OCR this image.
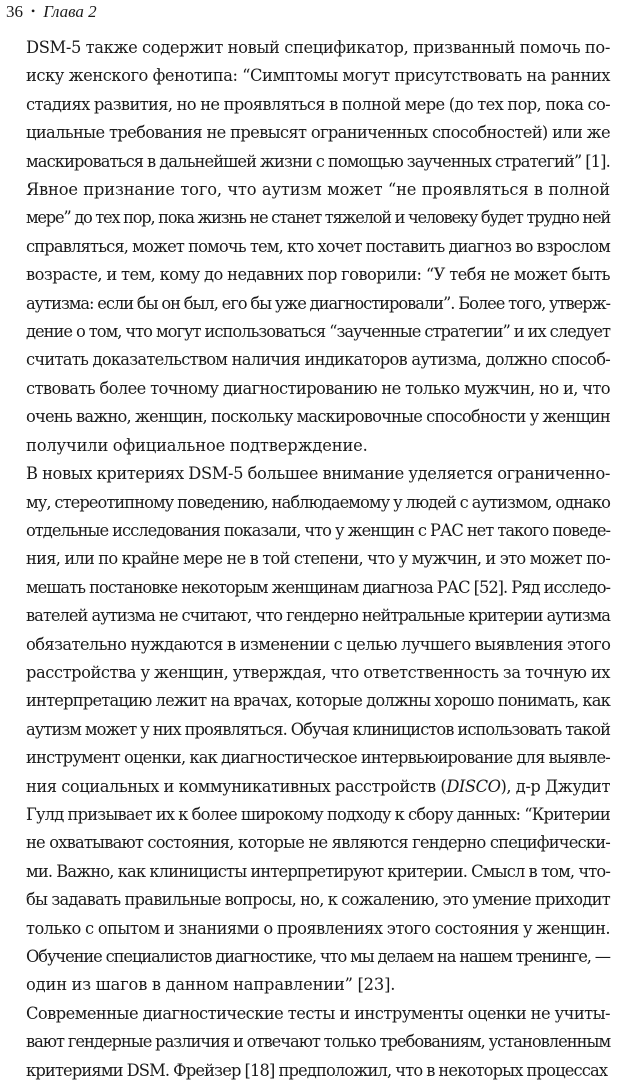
36 • Глава 2

DSM-5 также содержит новый спецификатор, призванный помочь по-
иску женского фенотипа: “Симптомы могут присутствовать на ранних
стадиях развития, но не проявляться в полной мере (до тех пор, пока со-
циальные требования не превысят ограниченных способностей) или же
маскироваться в дальнейшей жизни с помощью заученных стратегий” [1].

Явное признание того, что аутизм может “не проявляться в полной
мере” до тех пор, пока жизнь не станет тяжелой и человеку будет трудно ней
справляться, может помочь тем, кто хочет поставить диагноз во взрослом
возрасте, и тем, кому до недавних пор говорили: “У тебя не может быть
аутизма: если бы он был, его бы уже диагностировали”. Более того, утверж-
дение о том, что могут использоваться “заученные стратегии” и их следует
считать доказательством наличия индикаторов аутизма, должно способ-
ствовать более точному диагностированию не только мужчин, но и, что
очень важно, женщин, поскольку маскировочные способности у женщин
получили официальное подтверждение.

В новых критериях DSM-5 большее внимание уделяется ограниченно-
му, стереотипному поведению, наблюдаемому у людей с аутизмом, однако
отдельные исследования показали, что у женщин с РАС нет такого поведе-
ния, или по крайне мере не в той степени, что у мужчин, и это может по-
мешать постановке некоторым женщинам диагноза РАС [52]. Ряд исследо-
вателей аутизма не считают, что гендерно нейтральные критерии аутизма
обязательно нуждаются в изменении с целью лучшего выявления этого
расстройства у женщин, утверждая, что ответственность за точную их
интерпретацию лежит на врачах, которые должны хорошо понимать, как
аутизм может у них проявляться. Обучая клиницистов использовать такой
инструмент оценки, как диагностическое интервьюирование для выявле-
ния социальных и коммуникативных расстройств (DISCO), д-р Джудит
Гулд призывает их к более широкому подходу к сбору данных: “Критерии
не охватывают состояния, которые не являются гендерно специфически-
ми. Важно, как клиницисты интерпретируют критерии. Смысл в том, что-
бы задавать правильные вопросы, но, к сожалению, это умение приходит
только с опытом и знаниями о проявлениях этого состояния у женщин.
Обучение специалистов диагностике, что мы делаем на нашем тренинге, —
один из шагов в данном направлении” [23].

Современные диагностические тесты и инструменты оценки не учиты-
вают гендерные различия и отвечают только требованиям, установленным
критериями DSM. Фрейзер [18] предположил, что в некоторых процессах
